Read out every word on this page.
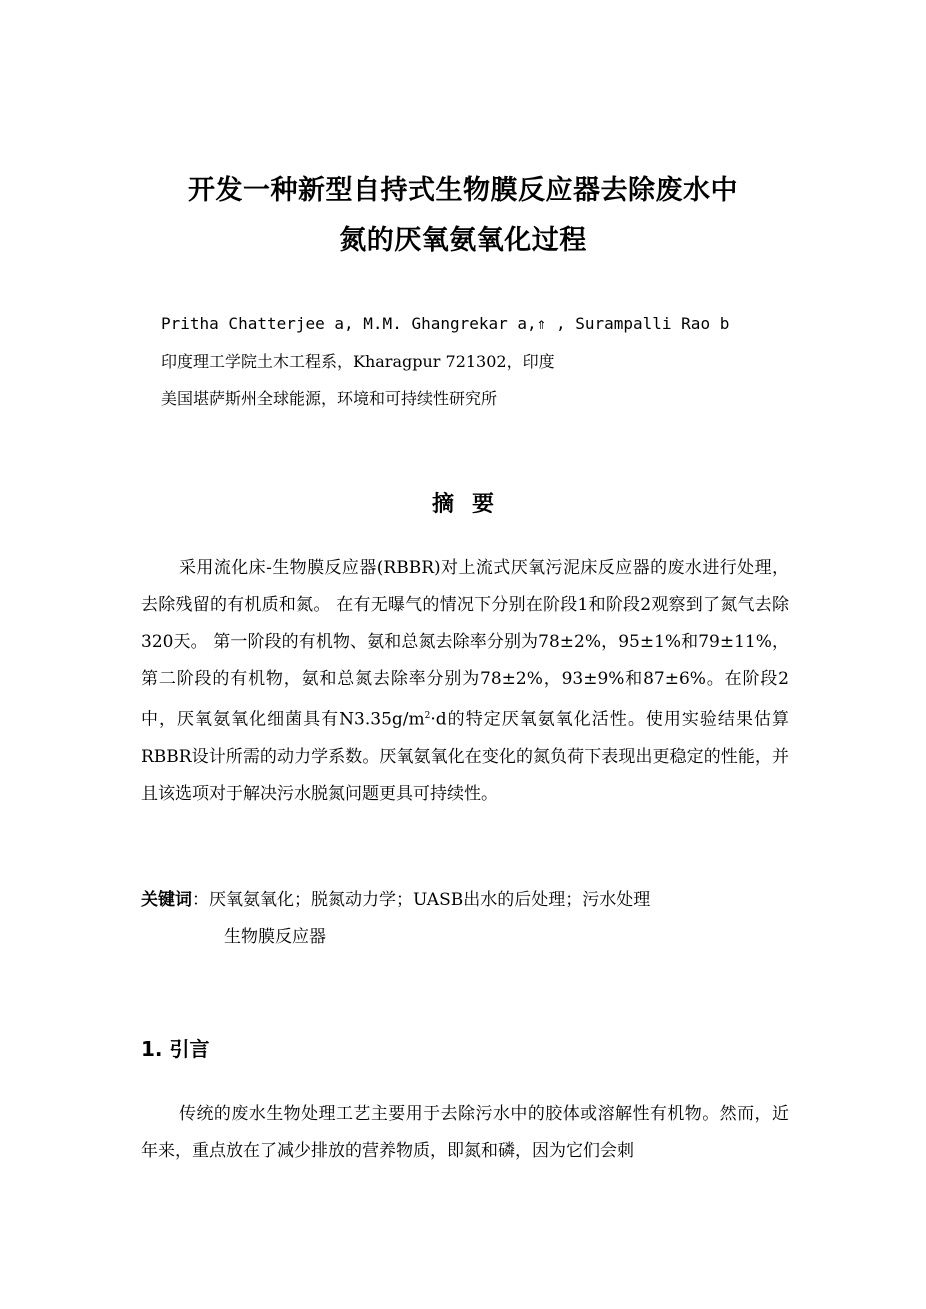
开发一种新型自持式生物膜反应器去除废水中
氮的厌氧氨氧化过程
Pritha Chatterjee a, M.M. Ghangrekar a,⇑ , Surampalli Rao b
印度理工学院土木工程系，Kharagpur 721302，印度
美国堪萨斯州全球能源，环境和可持续性研究所
摘要
采用流化床-生物膜反应器(RBBR)对上流式厌氧污泥床反应器的废水进行处理，去除残留的有机质和氮。 在有无曝气的情况下分别在阶段1和阶段2观察到了氮气去除320天。 第一阶段的有机物、氨和总氮去除率分别为78±2%，95±1%和79±11%，第二阶段的有机物，氨和总氮去除率分别为78±2%，93±9%和87±6%。在阶段2中，厌氧氨氧化细菌具有$N3.35g/m^2\cdot d$的特定厌氧氨氧化活性。使用实验结果估算RBBR设计所需的动力学系数。厌氧氨氧化在变化的氮负荷下表现出更稳定的性能，并且该选项对于解决污水脱氮问题更具可持续性。
关键词：厌氧氨氧化；脱氮动力学；UASB出水的后处理；污水处理
生物膜反应器
1. 引言
传统的废水生物处理工艺主要用于去除污水中的胶体或溶解性有机物。然而，近年来，重点放在了减少排放的营养物质，即氮和磷，因为它们会刺
